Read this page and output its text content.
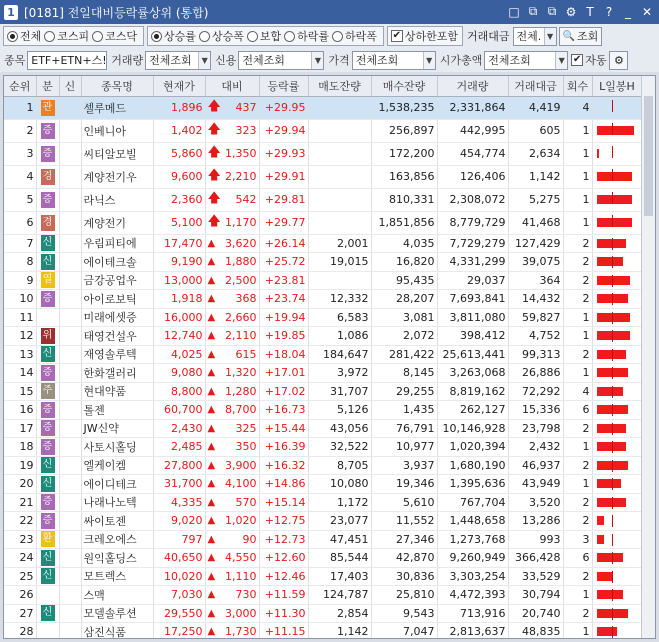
1 [0181] 전일대비등락률상위 (통합)	□ ⧉ ⧉ ⚙ T	?	_ ✕
전체 코스피 코스닥 상승률 상승폭 보합 하락률 하락폭 ✔ 상하한포함 거래대금 전체. ▼ 🔍 조회
종목 ETF+ETN+스! 거래량 전체조회	▼ 신용 전체조회	▼ 가격 전체조회	▼ 시가총액 전체조회	▼ ✔ 자동 ⚙
순위	분	신	종목명	현재가	대비	등락률	매도잔량	매수잔량	거래량	거래대금	회수	L일봉H
1	관		셀루메드	1,896	🡅 437	+29.95		1,538,235	2,331,864	4,419	4	

2	증		인베니아	1,402	🡅 323	+29.94		256,897	442,995	605	1	

3	증		씨티알모빌	5,860	🡅 1,350	+29.93		172,200	454,774	2,634	1	

4	경		계양전기우	9,600	🡅 2,210	+29.91		163,856	126,406	1,142	1	

5	증		라닉스	2,360	🡅 542	+29.81		810,331	2,308,072	5,275	1	

6	경		계양전기	5,100	🡅 1,170	+29.77		1,851,856	8,779,729	41,468	1	

7	신		우림피티에	17,470	▲ 3,620	+26.14	2,001	4,035	7,729,279	127,429	2	

8	신		에이테크솔	9,190	▲ 1,880	+25.72	19,015	16,820	4,331,299	39,075	2	

9	열		금강공업우	13,000	▲ 2,500	+23.81		95,435	29,037	364	2	

10	증		아이로보틱	1,918	▲ 368	+23.74	12,332	28,207	7,693,841	14,432	2	

11			미래에셋증	16,000	▲ 2,660	+19.94	6,583	3,081	3,811,080	59,827	1	

12	위		태영건설우	12,740	▲ 2,110	+19.85	1,086	2,072	398,412	4,752	1	

13	신		재영솔루텍	4,025	▲ 615	+18.04	184,647	281,422	25,613,441	99,313	2	

14	증		한화갤러리	9,080	▲ 1,320	+17.01	3,972	8,145	3,263,068	26,886	1	

15	주		현대약품	8,800	▲ 1,280	+17.02	31,707	29,255	8,819,162	72,292	4	

16	증		톨젠	60,700	▲ 8,700	+16.73	5,126	1,435	262,127	15,336	6	

17	증		JW신약	2,430	▲ 325	+15.44	43,056	76,791	10,146,928	23,798	2	

18	증		사토시홀딩	2,485	▲ 350	+16.39	32,522	10,977	1,020,394	2,432	1	

19	신		엘케이켐	27,800	▲ 3,900	+16.32	8,705	3,937	1,680,190	46,937	2	

20	신		에이디테크	31,700	▲ 4,100	+14.86	10,080	19,346	1,395,636	43,949	1	

21	증		나래나노텍	4,335	▲ 570	+15.14	1,172	5,610	767,704	3,520	2	

22	증		싸이토젠	9,020	▲ 1,020	+12.75	23,077	11,552	1,448,658	13,286	2	

23	환		크레오에스	797	▲ 90	+12.73	47,451	27,346	1,273,768	993	3	

24	신		원익홀딩스	40,650	▲ 4,550	+12.60	85,544	42,870	9,260,949	366,428	6	

25	신		모트렉스	10,020	▲ 1,110	+12.46	17,403	30,836	3,303,254	33,529	2	

26			스맥	7,030	▲ 730	+11.59	124,787	25,810	4,472,393	30,794	1	

27	신		모델솔루션	29,550	▲ 3,000	+11.30	2,854	9,543	713,916	20,740	2	

28			삼진식품	17,250	▲ 1,730	+11.15	1,142	7,047	2,813,637	48,835	1	
